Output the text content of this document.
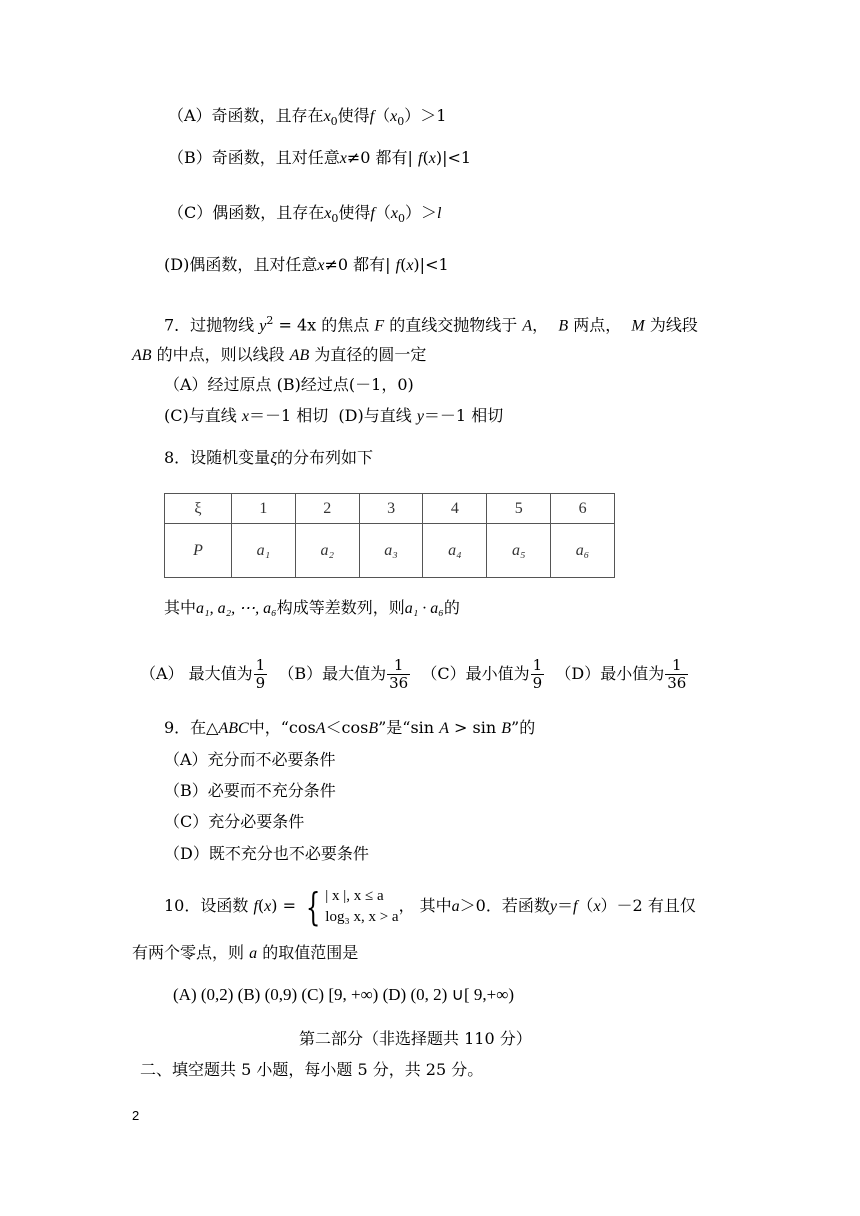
（A）奇函数，且存在$x_0$使得$f(x_0)>1$
（B）奇函数，且对任意x≠0 都有| f(x)|<1
（C）偶函数，且存在$x_0$使得$f(x_0)>l$
(D)偶函数，且对任意x≠0 都有| f(x)|<1
7．过抛物线 $y^2 = 4x$ 的焦点 F 的直线交抛物线于 A，  B 两点， M 为线段
AB 的中点，则以线段 AB 为直径的圆一定
（A）经过原点 (B)经过点(－1，0)
(C)与直线 x＝－1 相切 (D)与直线 y＝－1 相切
8．设随机变量ξ的分布列如下
ξ	1	2	3	4	5	6
P	a₁	a₂	a₃	a₄	a₅	a₆
其中a₁, a₂, ⋯, a₆构成等差数列，则a₁ · a₆的
（A） 最大值为 $\frac{1}{9} (B)$最大值为 $\frac{1}{36} (C)$最小值为 $\frac{1}{9} (D)$最小值为 $\frac{1}{36}$
9．在△ABC中，“cosA＜cosB”是“sin A > sin B”的
（A）充分而不必要条件
（B）必要而不充分条件
（C）充分必要条件
（D）既不充分也不必要条件
10．设函数 f(x) = { | x |, x ≤ a
log₃ x, x > a
， 其中a＞0．若函数y＝f（x）－2 有且仅
有两个零点，则 a 的取值范围是
(A) (0,2) (B) (0,9) (C) [9, +∞) (D) (0, 2) ∪[ 9,+∞)
第二部分（非选择题共 110 分）
二、填空题共 5 小题，每小题 5 分，共 25 分。
2
